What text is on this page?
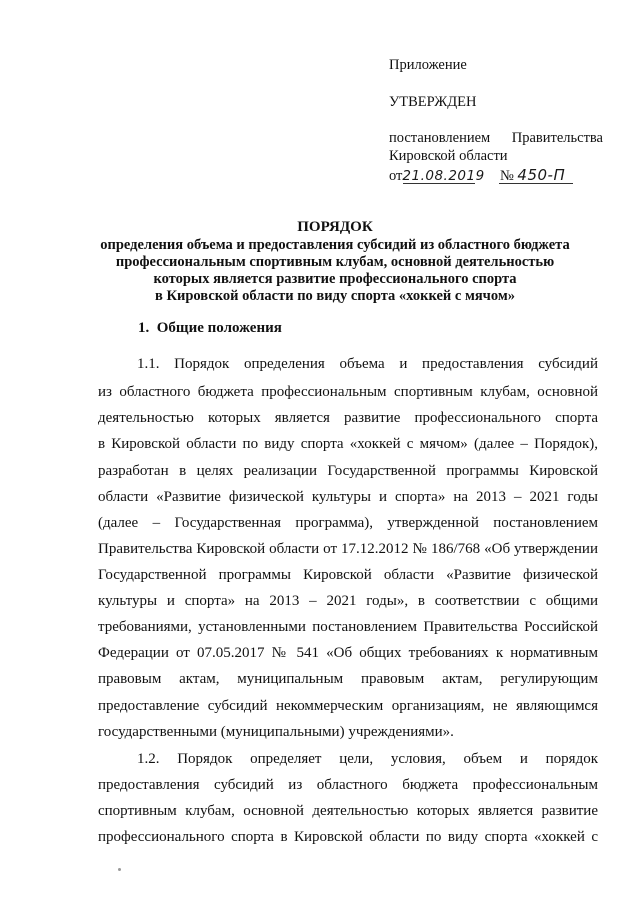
Приложение
УТВЕРЖДЕН
постановлением Правительства
Кировской области
от21.08.2019 № 450-П
ПОРЯДОК
определения объема и предоставления субсидий из областного бюджета
профессиональным спортивным клубам, основной деятельностью
которых является развитие профессионального спорта
в Кировской области по виду спорта «хоккей с мячом»
1.  Общие положения
1.1. Порядок определения объема и предоставления субсидий
из областного бюджета профессиональным спортивным клубам, основной
деятельностью которых является развитие профессионального спорта
в Кировской области по виду спорта «хоккей с мячом» (далее – Порядок),
разработан в целях реализации Государственной программы Кировской
области «Развитие физической культуры и спорта» на 2013 – 2021 годы
(далее – Государственная программа), утвержденной постановлением
Правительства Кировской области от 17.12.2012 № 186/768 «Об утверждении
Государственной программы Кировской области «Развитие физической
культуры и спорта» на 2013 – 2021 годы», в соответствии с общими
требованиями, установленными постановлением Правительства Российской
Федерации от 07.05.2017 № 541 «Об общих требованиях к нормативным
правовым актам, муниципальным правовым актам, регулирующим
предоставление субсидий некоммерческим организациям, не являющимся
государственными (муниципальными) учреждениями».
1.2. Порядок определяет цели, условия, объем и порядок
предоставления субсидий из областного бюджета профессиональным
спортивным клубам, основной деятельностью которых является развитие
профессионального спорта в Кировской области по виду спорта «хоккей с
